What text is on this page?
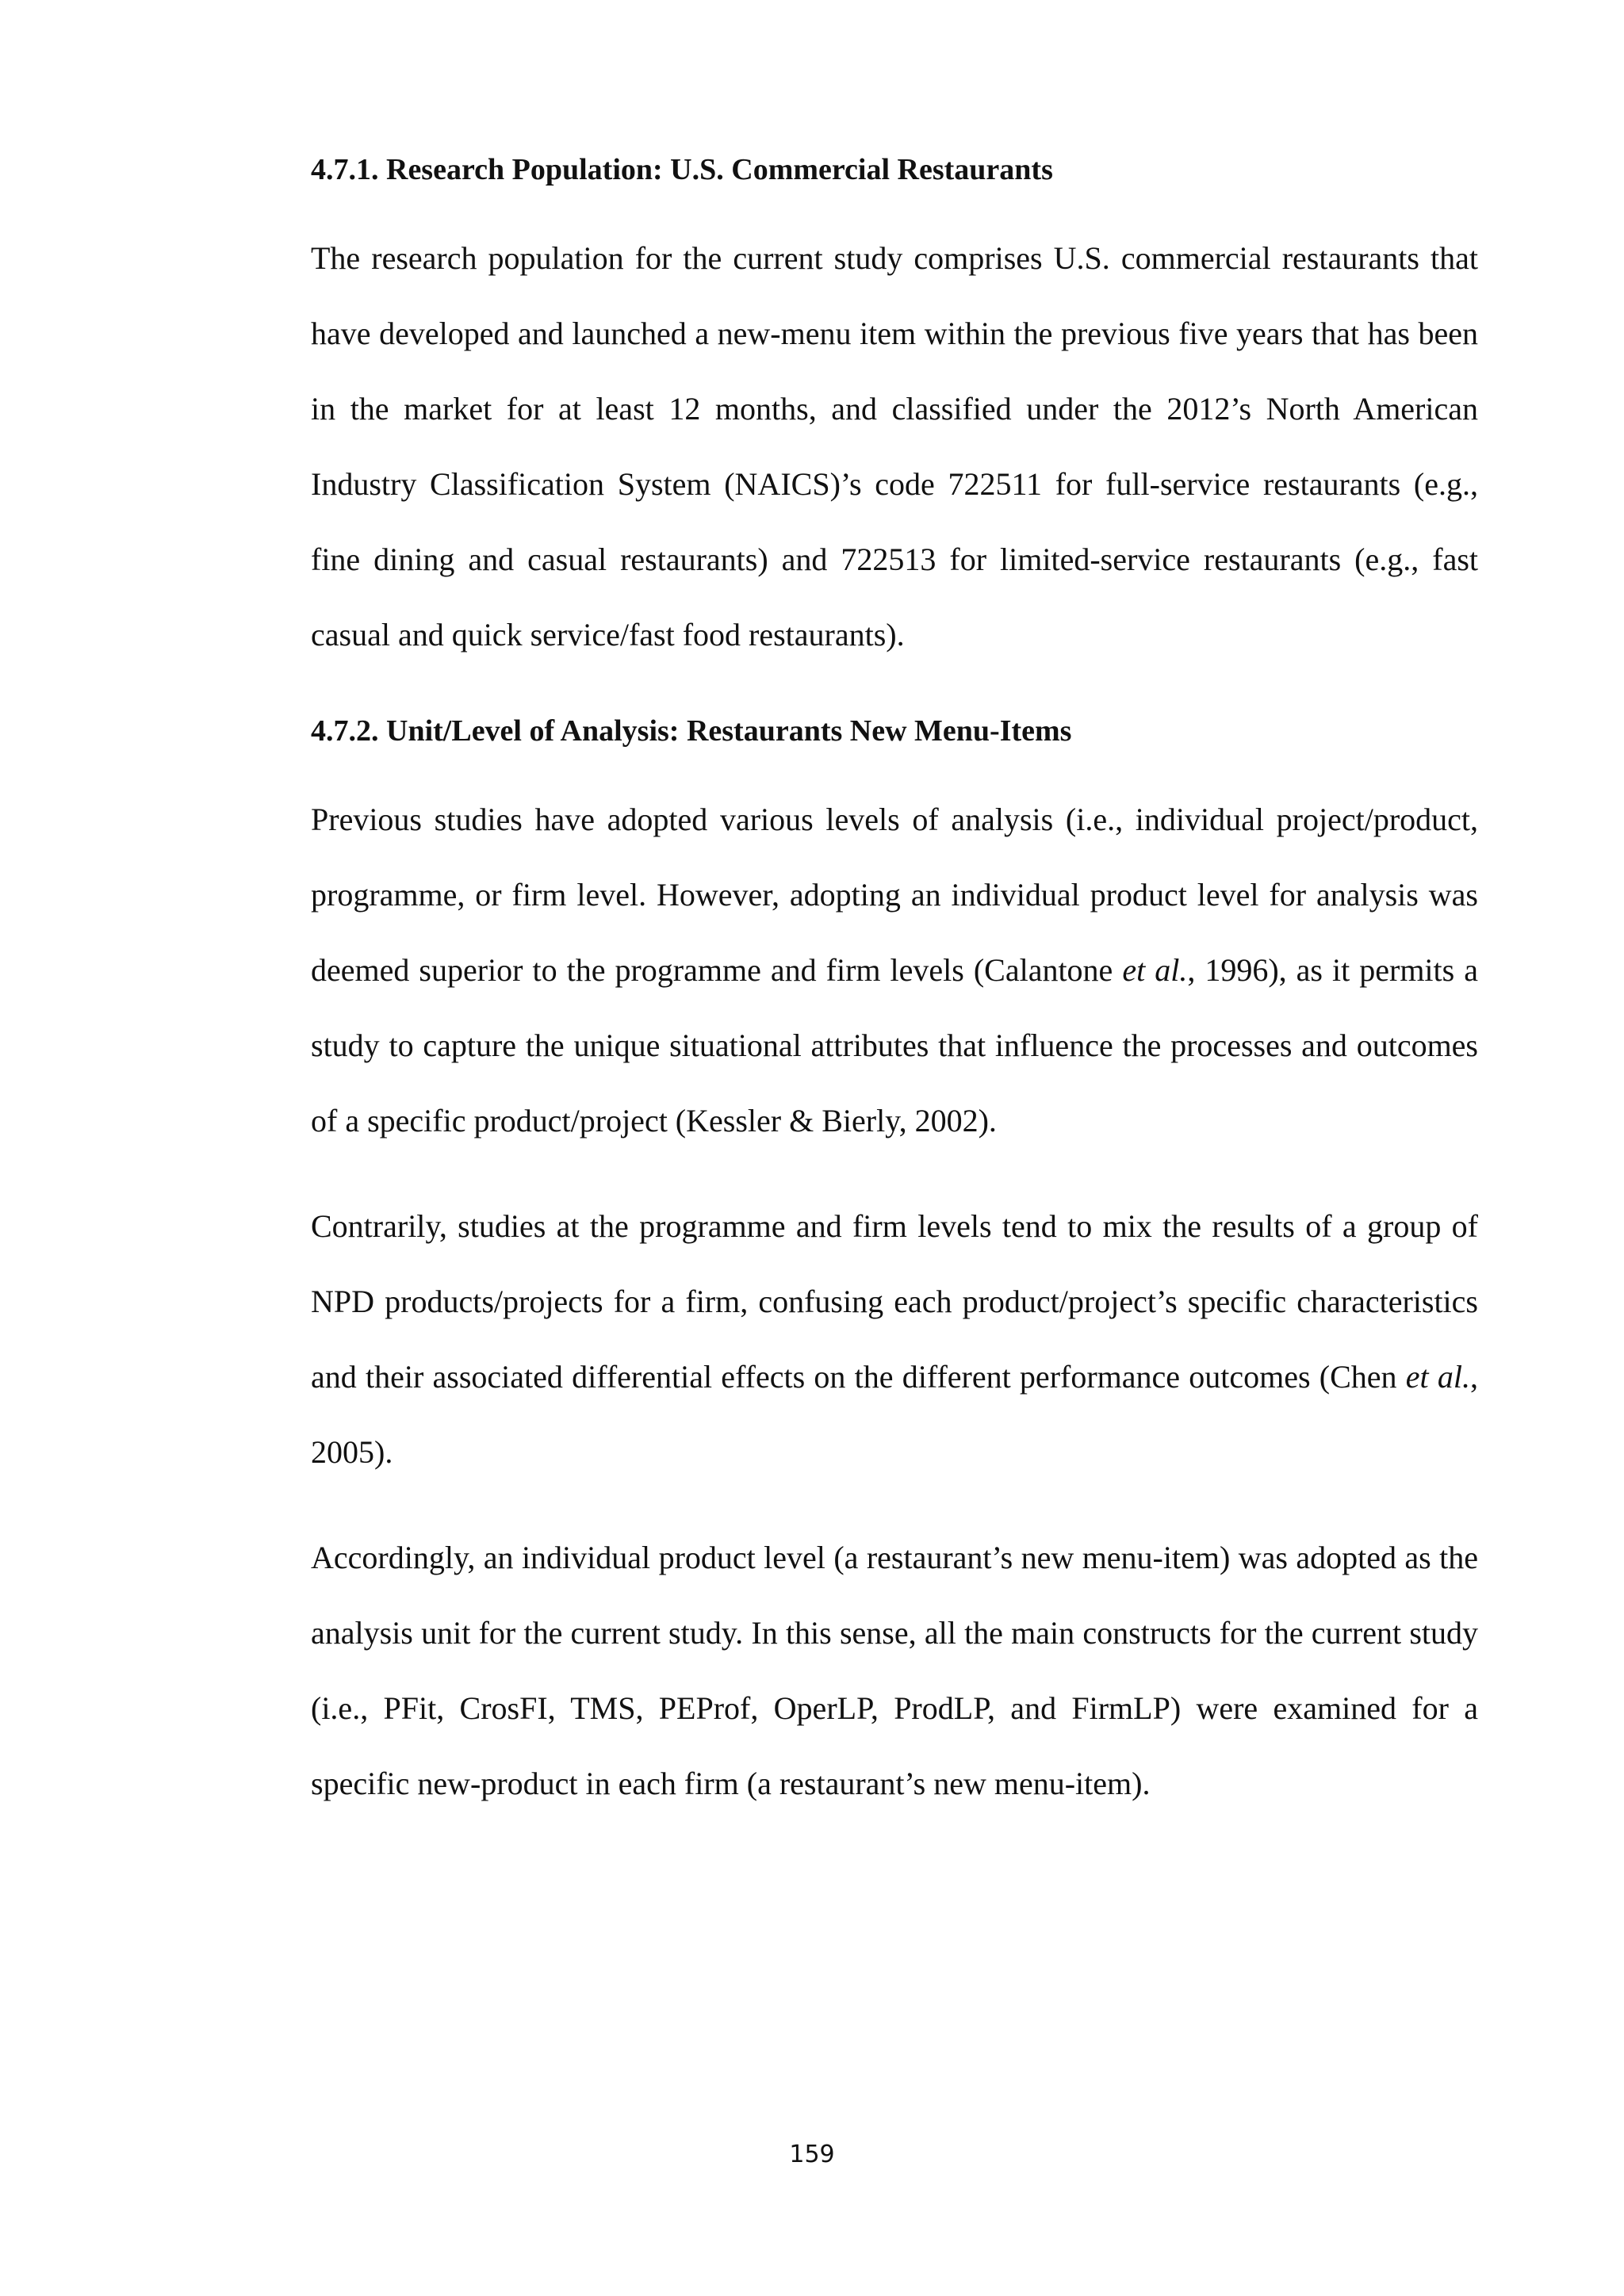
4.7.1. Research Population: U.S. Commercial Restaurants

The research population for the current study comprises U.S. commercial restaurants that have developed and launched a new-menu item within the previous five years that has been in the market for at least 12 months, and classified under the 2012’s North American Industry Classification System (NAICS)’s code 722511 for full-service restaurants (e.g., fine dining and casual restaurants) and 722513 for limited-service restaurants (e.g., fast casual and quick service/fast food restaurants).

4.7.2. Unit/Level of Analysis: Restaurants New Menu-Items

Previous studies have adopted various levels of analysis (i.e., individual project/product, programme, or firm level. However, adopting an individual product level for analysis was deemed superior to the programme and firm levels (Calantone et al., 1996), as it permits a study to capture the unique situational attributes that influence the processes and outcomes of a specific product/project (Kessler & Bierly, 2002).

Contrarily, studies at the programme and firm levels tend to mix the results of a group of NPD products/projects for a firm, confusing each product/project’s specific characteristics and their associated differential effects on the different performance outcomes (Chen et al., 2005).

Accordingly, an individual product level (a restaurant’s new menu-item) was adopted as the analysis unit for the current study. In this sense, all the main constructs for the current study (i.e., PFit, CrosFI, TMS, PEProf, OperLP, ProdLP, and FirmLP) were examined for a specific new-product in each firm (a restaurant’s new menu-item).

159
